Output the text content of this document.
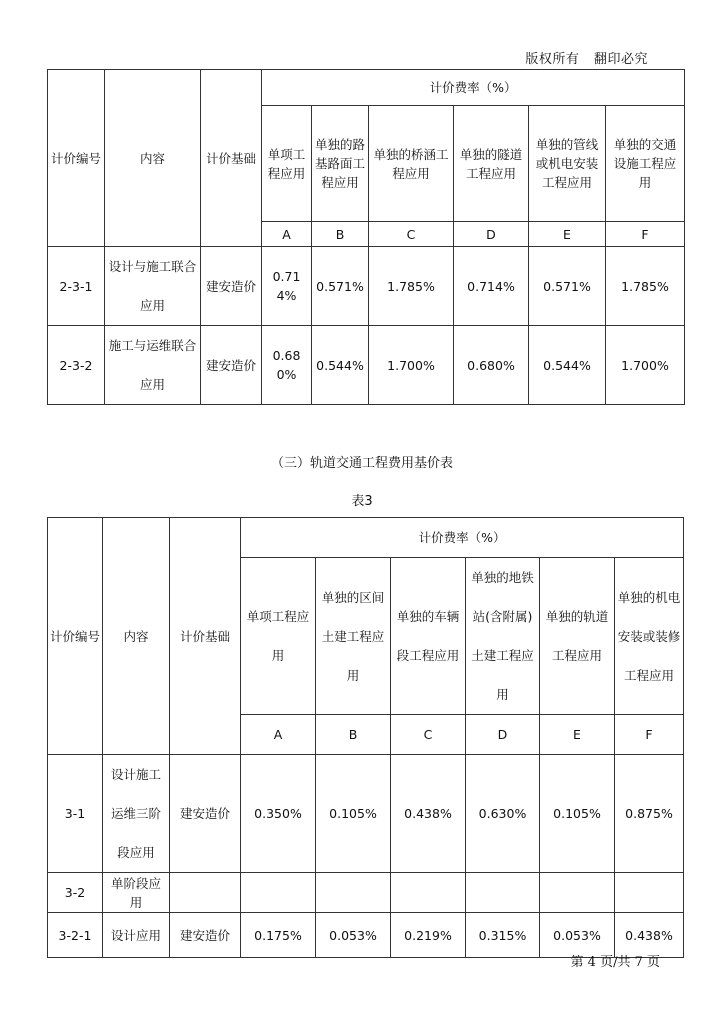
版权所有 翻印必究
计价编号	内容	计价基础	计价费率（%）					
			单项工程应用	单独的路基路面工程应用	单独的桥涵工程应用	单独的隧道工程应用	单独的管线或机电安装工程应用	单独的交通设施工程应用
			A	B	C	D	E	F
2-3-1	设计与施工联合应用	建安造价	0.714%	0.571%	1.785%	0.714%	0.571%	1.785%
2-3-2	施工与运维联合应用	建安造价	0.680%	0.544%	1.700%	0.680%	0.544%	1.700%
（三）轨道交通工程费用基价表
表3
计价编号	内容	计价基础	计价费率（%）					
			单项工程应用	单独的区间土建工程应用	单独的车辆段工程应用	单独的地铁站(含附属)土建工程应用	单独的轨道工程应用	单独的机电安装或装修工程应用
			A	B	C	D	E	F
3-1	设计施工运维三阶段应用	建安造价	0.350%	0.105%	0.438%	0.630%	0.105%	0.875%
3-2	单阶段应用							
3-2-1	设计应用	建安造价	0.175%	0.053%	0.219%	0.315%	0.053%	0.438%
第 4 页/共 7 页
